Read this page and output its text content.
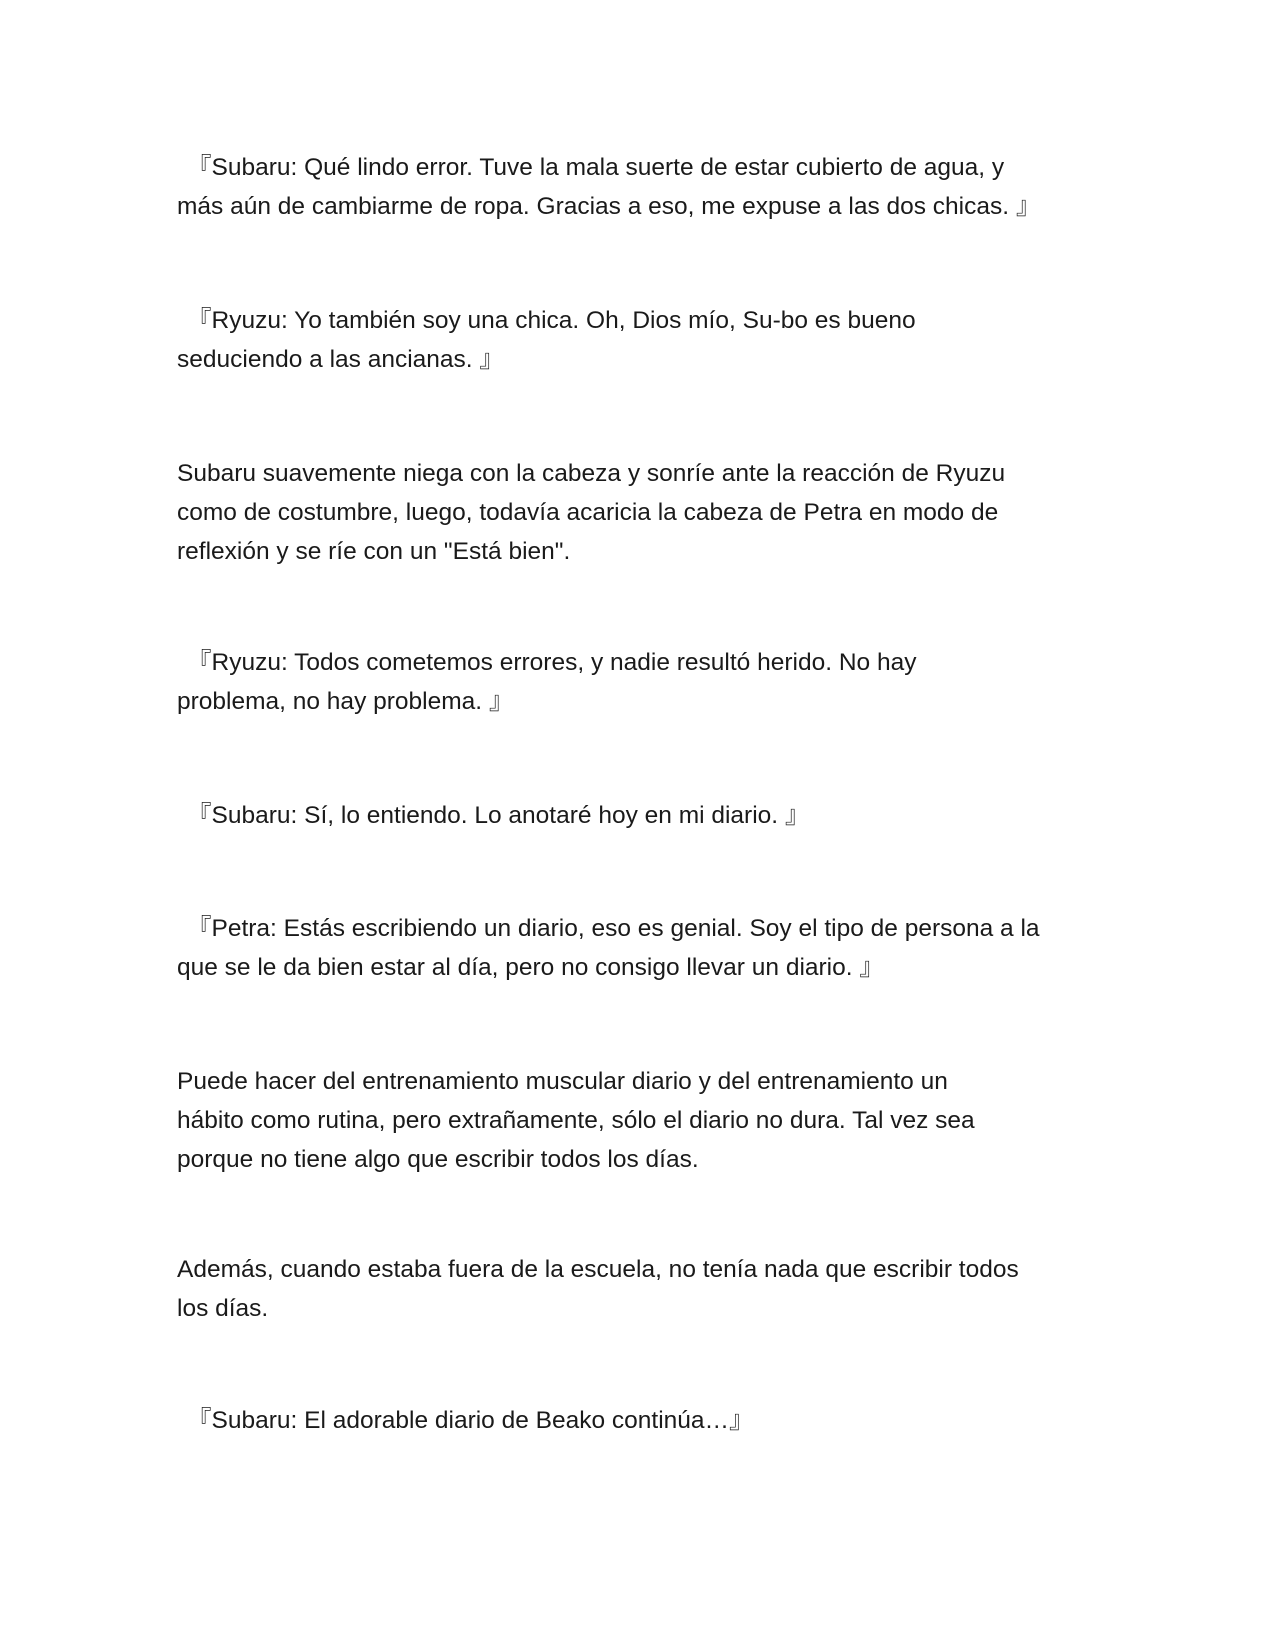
『Subaru: Qué lindo error. Tuve la mala suerte de estar cubierto de agua, y
más aún de cambiarme de ropa. Gracias a eso, me expuse a las dos chicas. 』

『Ryuzu: Yo también soy una chica. Oh, Dios mío, Su-bo es bueno
seduciendo a las ancianas. 』

Subaru suavemente niega con la cabeza y sonríe ante la reacción de Ryuzu
como de costumbre, luego, todavía acaricia la cabeza de Petra en modo de
reflexión y se ríe con un "Está bien".

『Ryuzu: Todos cometemos errores, y nadie resultó herido. No hay
problema, no hay problema. 』

『Subaru: Sí, lo entiendo. Lo anotaré hoy en mi diario. 』

『Petra: Estás escribiendo un diario, eso es genial. Soy el tipo de persona a la
que se le da bien estar al día, pero no consigo llevar un diario. 』

Puede hacer del entrenamiento muscular diario y del entrenamiento un
hábito como rutina, pero extrañamente, sólo el diario no dura. Tal vez sea
porque no tiene algo que escribir todos los días.

Además, cuando estaba fuera de la escuela, no tenía nada que escribir todos
los días.

『Subaru: El adorable diario de Beako continúa…』
